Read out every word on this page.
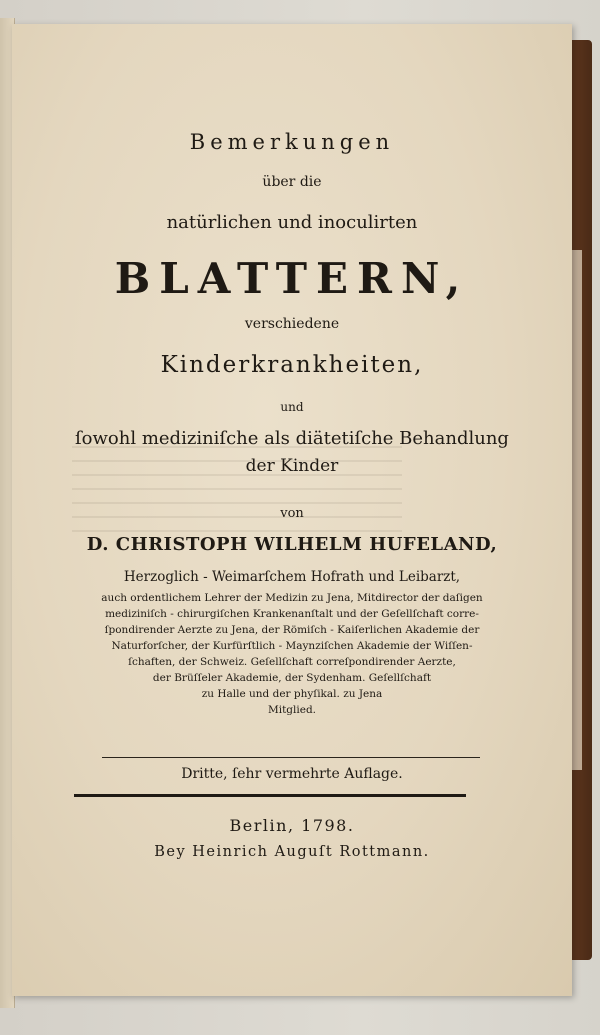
Bemerkungen

über die

natürlichen und inoculirten

BLATTERN,

verschiedene

Kinderkrankheiten,

und

ſowohl mediziniſche als diätetiſche Behandlung

der Kinder

von

D. CHRISTOPH WILHELM HUFELAND,

Herzoglich - Weimarſchem Hofrath und Leibarzt,

auch ordentlichem Lehrer der Medizin zu Jena, Mitdirector der daſigen

mediziniſch - chirurgiſchen Krankenanſtalt und der Geſellſchaft corre-

ſpondirender Aerzte zu Jena, der Römiſch - Kaiſerlichen Akademie der

Naturforſcher, der Kurfürſtlich - Maynziſchen Akademie der Wiſſen-

ſchaften, der Schweiz. Geſellſchaft correſpondirender Aerzte,

der Brüſſeler Akademie, der Sydenham. Geſellſchaft

zu Halle und der phyſikal. zu Jena

Mitglied.

Dritte, ſehr vermehrte Auflage.

Berlin, 1798.

Bey Heinrich Auguſt Rottmann.
